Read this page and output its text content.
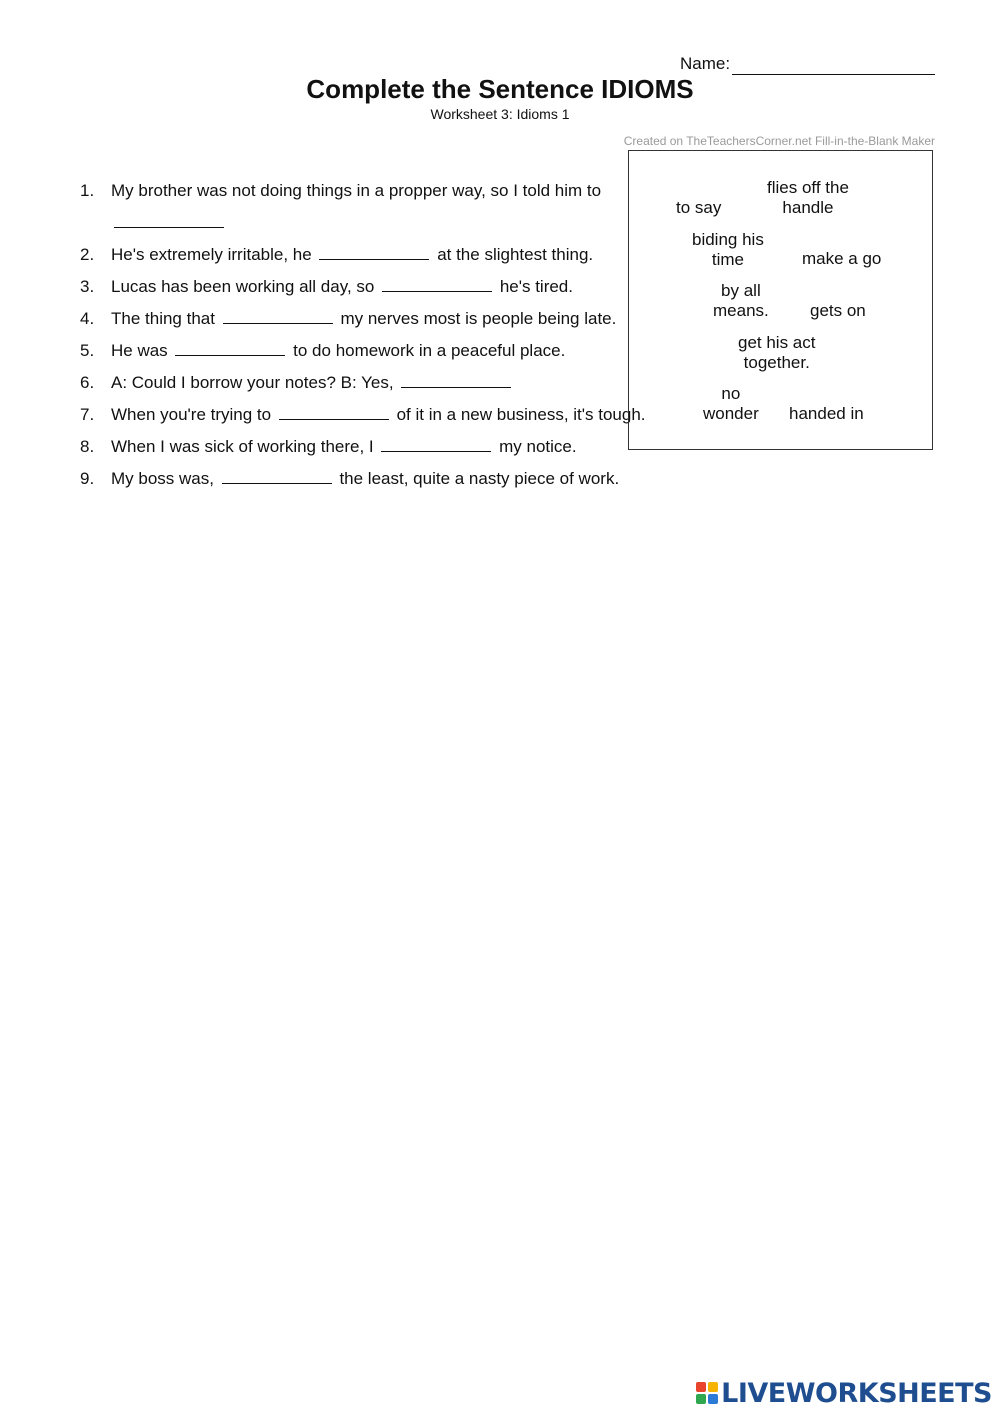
Name:
Complete the Sentence IDIOMS
Worksheet 3: Idioms 1
Created on TheTeachersCorner.net Fill-in-the-Blank Maker
1. My brother was not doing things in a propper way, so I told him to
2. He's extremely irritable, he	at the slightest thing.
3. Lucas has been working all day, so	he's tired.
4. The thing that	my nerves most is people being late.
5. He was	to do homework in a peaceful place.
6. A: Could I borrow your notes? B: Yes,
7. When you're trying to	of it in a new business, it's tough.
8. When I was sick of working there, I	my notice.
9. My boss was,	the least, quite a nasty piece of work.
flies off the
handle
to say
biding his
time	make a go
by all
means. gets on
get his act
together.
no
wonder handed in
LIVEWORKSHEETS
